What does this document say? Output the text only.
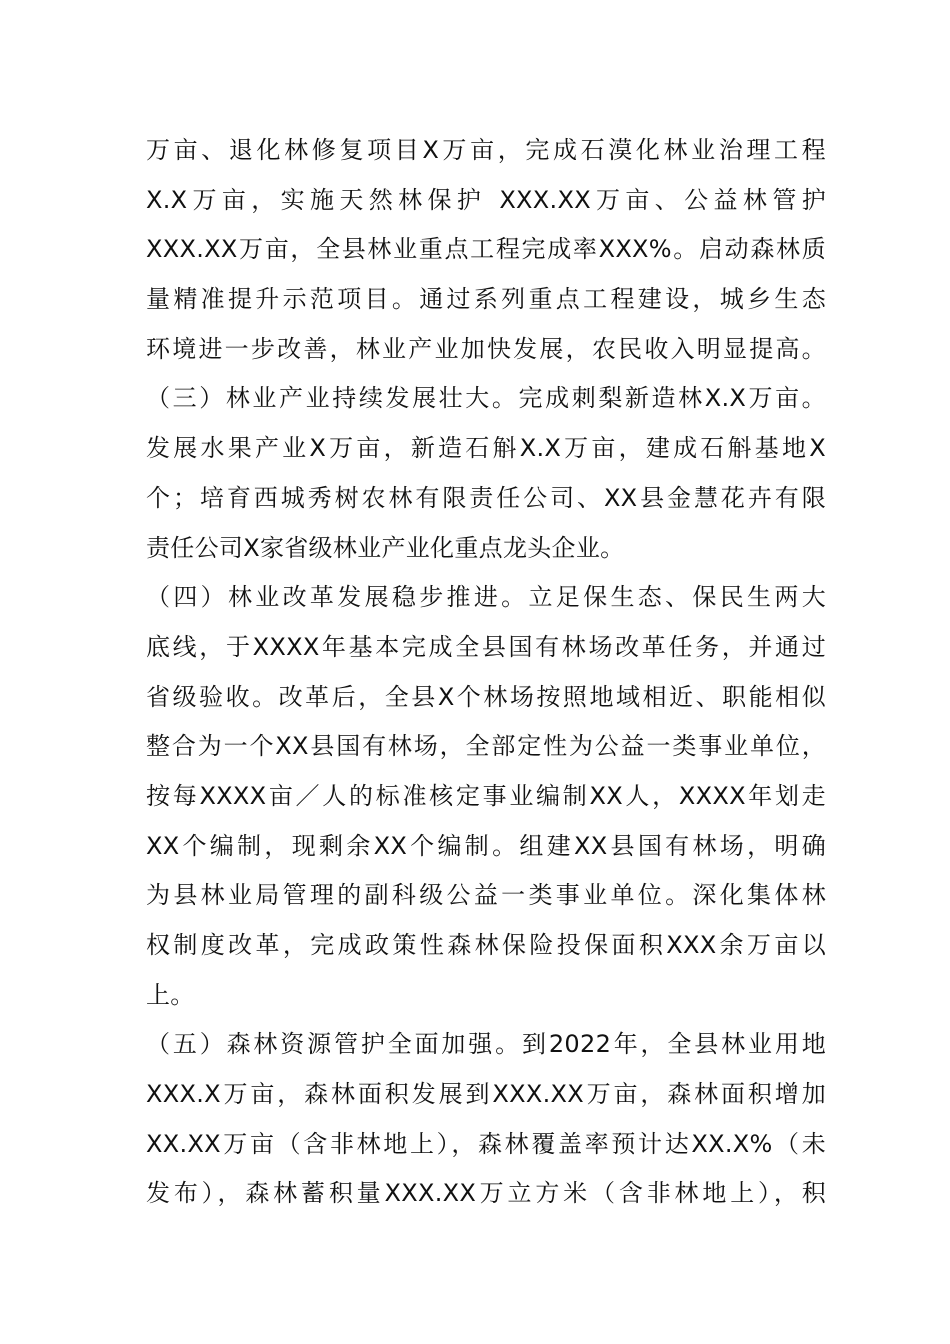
万亩、退化林修复项目X万亩，完成石漠化林业治理工程
X.X万亩，实施天然林保护 XXX.XX万亩、公益林管护
XXX.XX万亩，全县林业重点工程完成率XXX%。启动森林质
量精准提升示范项目。通过系列重点工程建设，城乡生态
环境进一步改善，林业产业加快发展，农民收入明显提高。
（三）林业产业持续发展壮大。完成刺梨新造林X.X万亩。
发展水果产业X万亩，新造石斛X.X万亩，建成石斛基地X
个；培育西城秀树农林有限责任公司、XX县金慧花卉有限
责任公司X家省级林业产业化重点龙头企业。
（四）林业改革发展稳步推进。立足保生态、保民生两大
底线，于XXXX年基本完成全县国有林场改革任务，并通过
省级验收。改革后，全县X个林场按照地域相近、职能相似
整合为一个XX县国有林场，全部定性为公益一类事业单位，
按每XXXX亩／人的标准核定事业编制XX人，XXXX年划走
XX个编制，现剩余XX个编制。组建XX县国有林场，明确
为县林业局管理的副科级公益一类事业单位。深化集体林
权制度改革，完成政策性森林保险投保面积XXX余万亩以
上。
（五）森林资源管护全面加强。到2022年，全县林业用地
XXX.X万亩，森林面积发展到XXX.XX万亩，森林面积增加
XX.XX万亩（含非林地上），森林覆盖率预计达XX.X%（未
发布），森林蓄积量XXX.XX万立方米（含非林地上），积
